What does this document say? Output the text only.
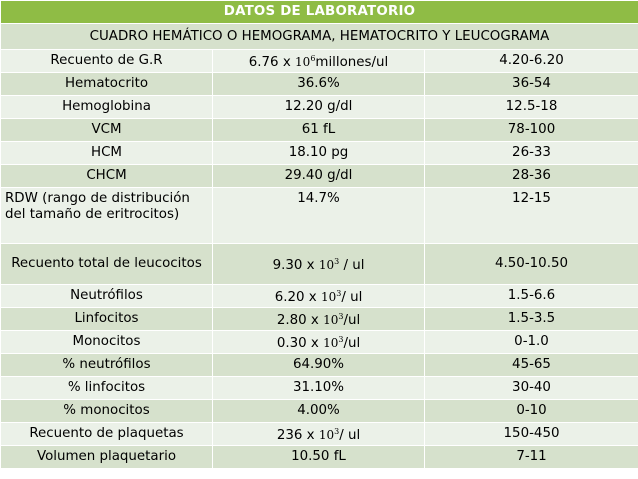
DATOS DE LABORATORIO		
CUADRO HEMÁTICO O HEMOGRAMA, HEMATOCRITO Y LEUCOGRAMA		
Recuento de G.R	6.76 x $10^6millones/ul$	4.20-6.20
Hematocrito	36.6%	36-54
Hemoglobina	12.20 g/dl	12.5-18
VCM	61 fL	78-100
HCM	18.10 pg	26-33
CHCM	29.40 g/dl	28-36
RDW (rango de distribución del tamaño de eritrocitos)	14.7%	12-15
Recuento total de leucocitos	9.30 x $10^3$ / ul	4.50-10.50
Neutrófilos	6.20 x $10^3/$ ul	1.5-6.6
Linfocitos	2.80 x $10^3/ul$	1.5-3.5
Monocitos	0.30 x $10^3/ul$	0-1.0
% neutrófilos	64.90%	45-65
% linfocitos	31.10%	30-40
% monocitos	4.00%	0-10
Recuento de plaquetas	236 x $10^3/$ ul	150-450
Volumen plaquetario	10.50 fL	7-11
